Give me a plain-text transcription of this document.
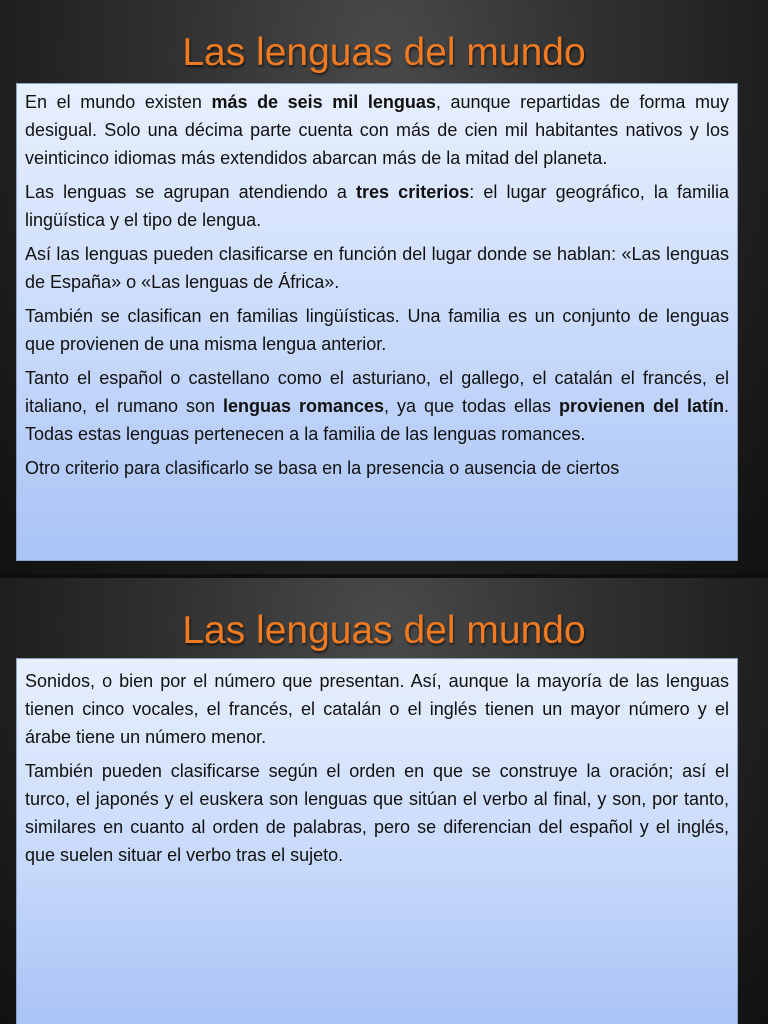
Las lenguas del mundo

En el mundo existen más de seis mil lenguas, aunque repartidas de forma muy desigual. Solo una décima parte cuenta con más de cien mil habitantes nativos y los veinticinco idiomas más extendidos abarcan más de la mitad del planeta.

Las lenguas se agrupan atendiendo a tres criterios: el lugar geográfico, la familia lingüística y el tipo de lengua.

Así las lenguas pueden clasificarse en función del lugar donde se hablan: «Las lenguas de España» o «Las lenguas de África».

También se clasifican en familias lingüísticas. Una familia es un conjunto de lenguas que provienen de una misma lengua anterior.

Tanto el español o castellano como el asturiano, el gallego, el catalán el francés, el italiano, el rumano son lenguas romances, ya que todas ellas provienen del latín. Todas estas lenguas pertenecen a la familia de las lenguas romances.

Otro criterio para clasificarlo se basa en la presencia o ausencia de ciertos

Las lenguas del mundo

Sonidos, o bien por el número que presentan. Así, aunque la mayoría de las lenguas tienen cinco vocales, el francés, el catalán o el inglés tienen un mayor número y el árabe tiene un número menor.

También pueden clasificarse según el orden en que se construye la oración; así el turco, el japonés y el euskera son lenguas que sitúan el verbo al final, y son, por tanto, similares en cuanto al orden de palabras, pero se diferencian del español y el inglés, que suelen situar el verbo tras el sujeto.
